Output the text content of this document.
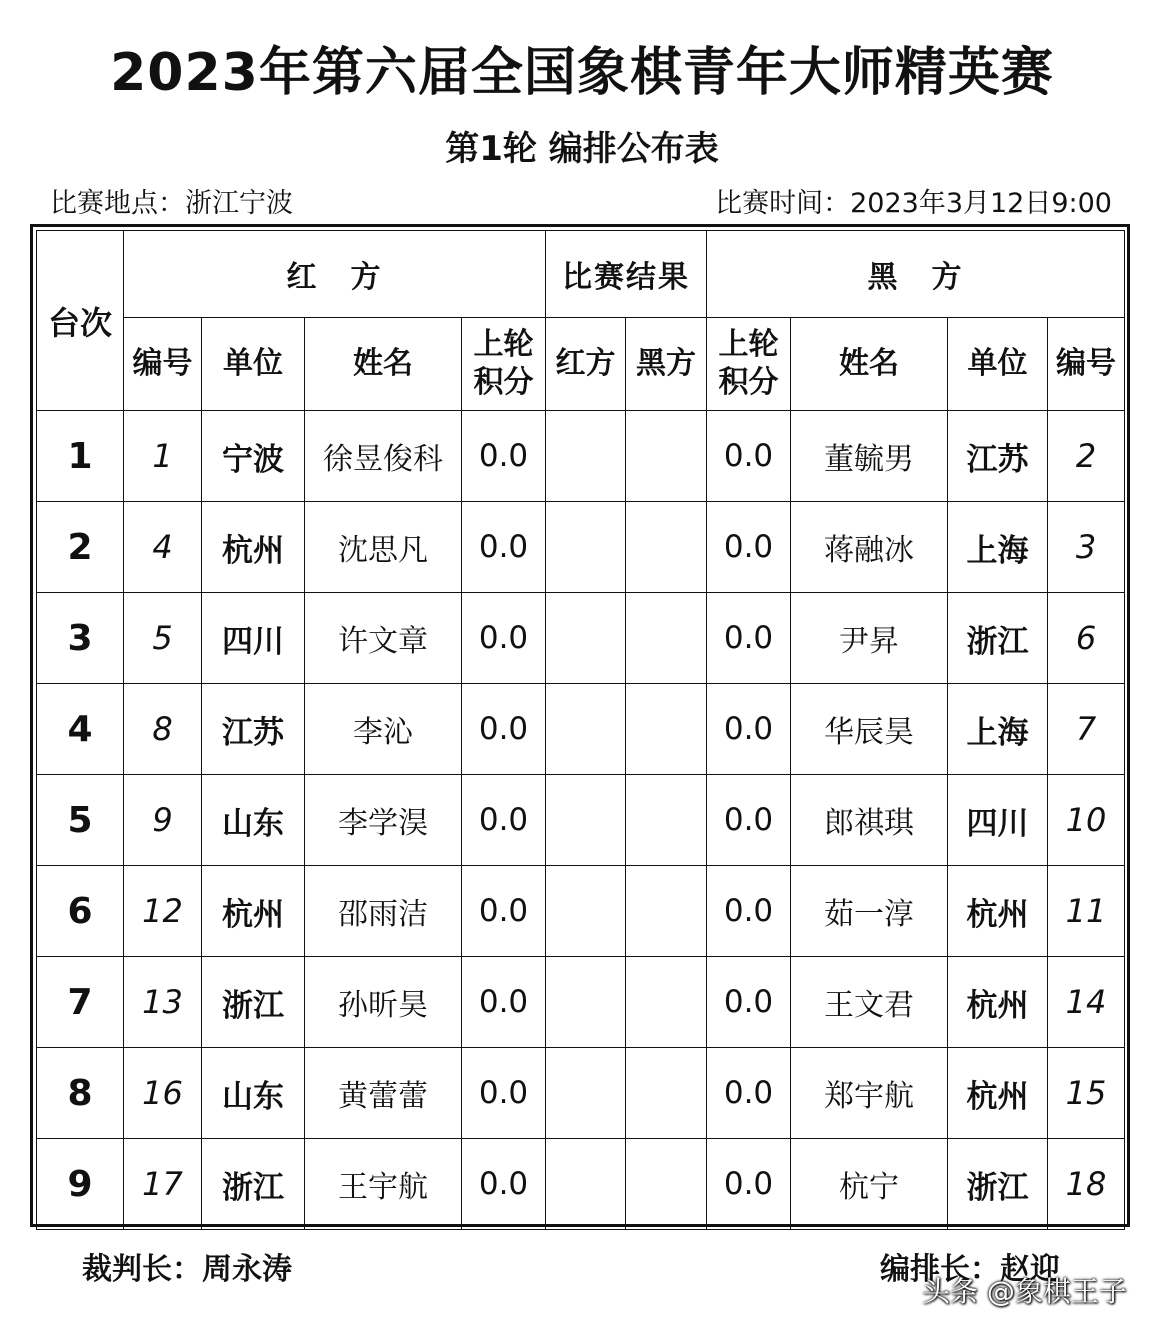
2023年第六届全国象棋青年大师精英赛
第1轮 编排公布表
比赛地点：浙江宁波	比赛时间：2023年3月12日9:00
台次	红　方				比赛结果		黑　方			
	编号	单位	姓名	上轮积分	红方	黑方	上轮积分	姓名	单位	编号
1	1	宁波	徐昱俊科	0.0			0.0	董毓男	江苏	2
2	4	杭州	沈思凡	0.0			0.0	蒋融冰	上海	3
3	5	四川	许文章	0.0			0.0	尹昇	浙江	6
4	8	江苏	李沁	0.0			0.0	华辰昊	上海	7
5	9	山东	李学淏	0.0			0.0	郎祺琪	四川	10
6	12	杭州	邵雨洁	0.0			0.0	茹一淳	杭州	11
7	13	浙江	孙昕昊	0.0			0.0	王文君	杭州	14
8	16	山东	黄蕾蕾	0.0			0.0	郑宇航	杭州	15
9	17	浙江	王宇航	0.0			0.0	杭宁	浙江	18
裁判长：周永涛	编排长：赵迎
头条 @象棋王子
